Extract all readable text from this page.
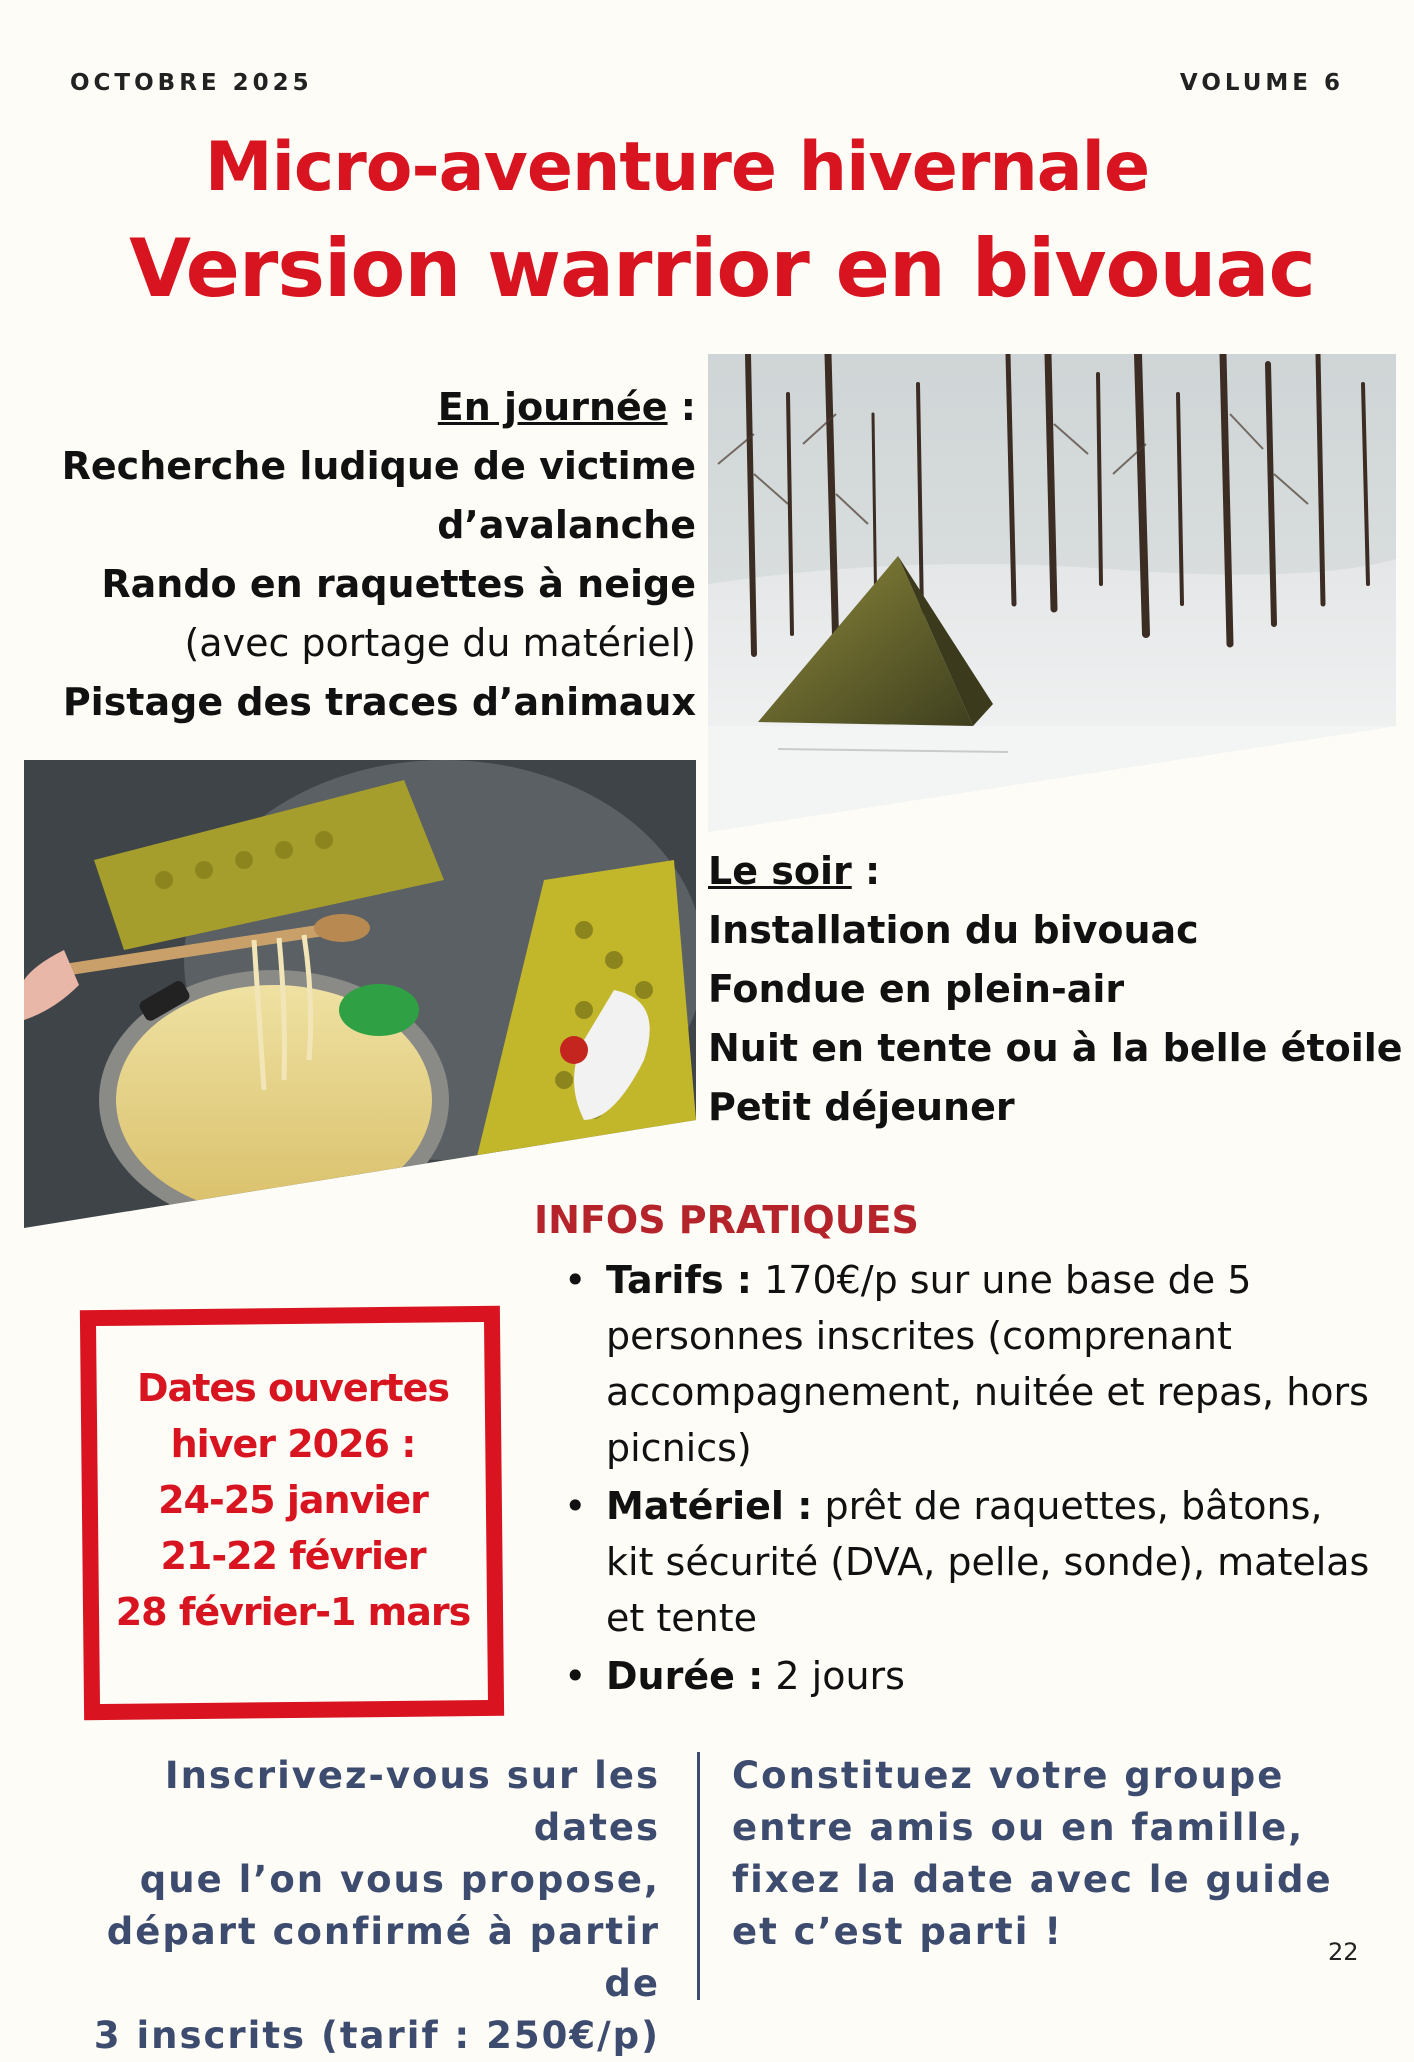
OCTOBRE 2025	VOLUME 6
Micro-aventure hivernale
Version warrior en bivouac
En journée :
Recherche ludique de victime
d’avalanche
Rando en raquettes à neige
(avec portage du matériel)
Pistage des traces d’animaux
Le soir :
Installation du bivouac
Fondue en plein-air
Nuit en tente ou à la belle étoile
Petit déjeuner
INFOS PRATIQUES
• Tarifs : 170€/p sur une base de 5 personnes inscrites (comprenant accompagnement, nuitée et repas, hors picnics)
• Matériel : prêt de raquettes, bâtons, kit sécurité (DVA, pelle, sonde), matelas et tente
• Durée : 2 jours
Dates ouvertes
hiver 2026 :
24-25 janvier
21-22 février
28 février-1 mars
Inscrivez-vous sur les dates
que l’on vous propose,
départ confirmé à partir de
3 inscrits (tarif : 250€/p)
Constituez votre groupe
entre amis ou en famille,
fixez la date avec le guide
et c’est parti !	22
